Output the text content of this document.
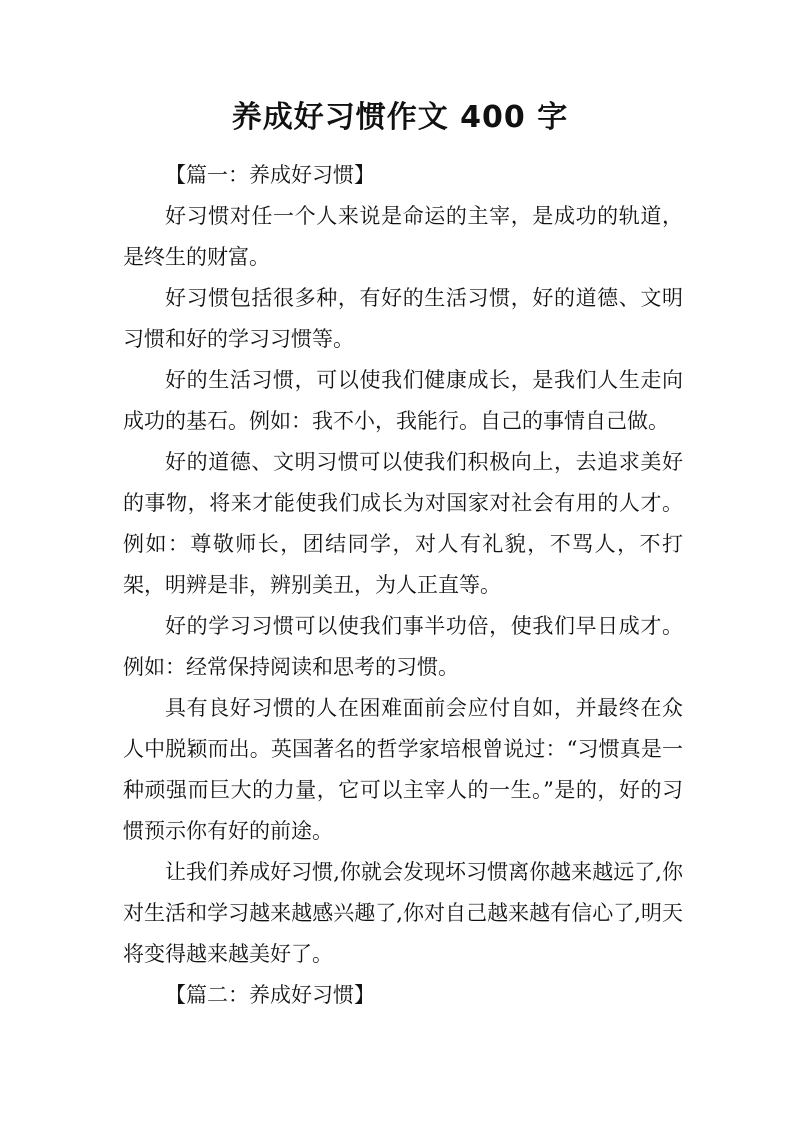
养成好习惯作文 400 字

【篇一：养成好习惯】

好习惯对任一个人来说是命运的主宰，是成功的轨道，是终生的财富。

好习惯包括很多种，有好的生活习惯，好的道德、文明习惯和好的学习习惯等。

好的生活习惯，可以使我们健康成长，是我们人生走向成功的基石。例如：我不小，我能行。自己的事情自己做。

好的道德、文明习惯可以使我们积极向上，去追求美好的事物，将来才能使我们成长为对国家对社会有用的人才。例如：尊敬师长，团结同学，对人有礼貌，不骂人，不打架，明辨是非，辨别美丑，为人正直等。

好的学习习惯可以使我们事半功倍，使我们早日成才。例如：经常保持阅读和思考的习惯。

具有良好习惯的人在困难面前会应付自如，并最终在众人中脱颖而出。英国著名的哲学家培根曾说过：“习惯真是一种顽强而巨大的力量，它可以主宰人的一生。”是的，好的习惯预示你有好的前途。

让我们养成好习惯,你就会发现坏习惯离你越来越远了,你对生活和学习越来越感兴趣了,你对自己越来越有信心了,明天将变得越来越美好了。

【篇二：养成好习惯】
